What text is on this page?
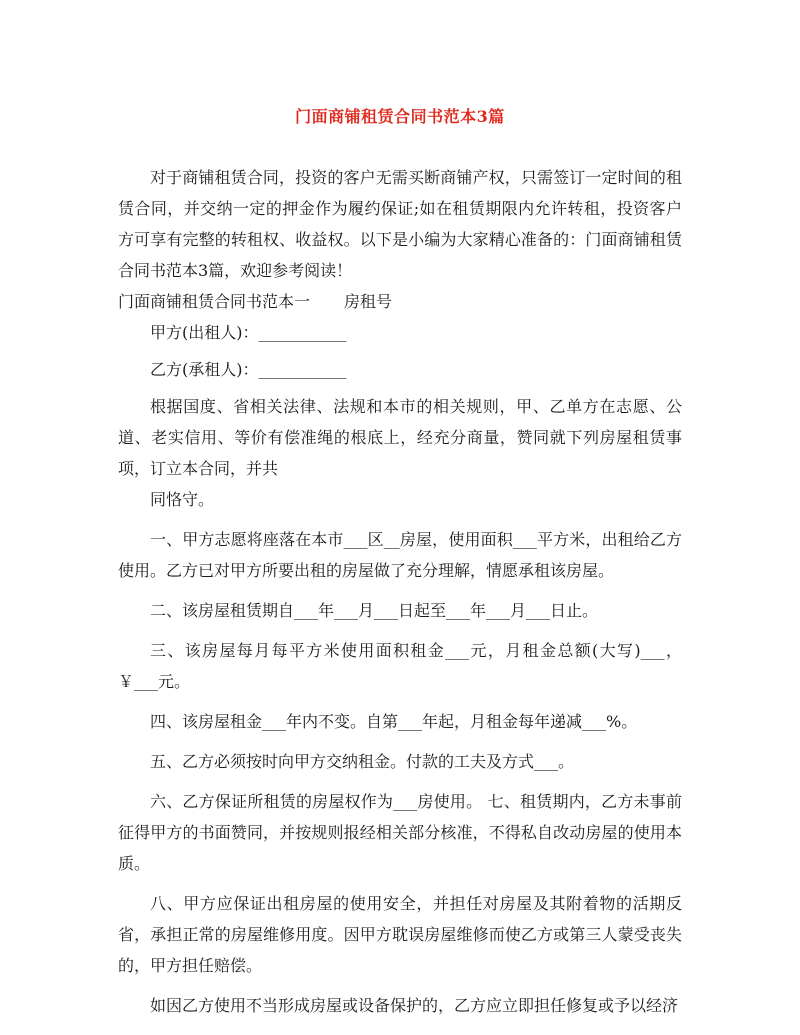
门面商铺租赁合同书范本3篇

对于商铺租赁合同，投资的客户无需买断商铺产权，只需签订一定时间的租赁合同，并交纳一定的押金作为履约保证;如在租赁期限内允许转租，投资客户方可享有完整的转租权、收益权。以下是小编为大家精心准备的：门面商铺租赁合同书范本3篇，欢迎参考阅读！

门面商铺租赁合同书范本一 房租号

甲方(出租人)：___________

乙方(承租人)：___________

根据国度、省相关法律、法规和本市的相关规则，甲、乙单方在志愿、公道、老实信用、等价有偿准绳的根底上，经充分商量，赞同就下列房屋租赁事项，订立本合同，并共

同恪守。

一、甲方志愿将座落在本市___区__房屋，使用面积___平方米，出租给乙方使用。乙方已对甲方所要出租的房屋做了充分理解，情愿承租该房屋。

二、该房屋租赁期自___年___月___日起至___年___月___日止。

三、该房屋每月每平方米使用面积租金___元，月租金总额(大写)___，￥___元。

四、该房屋租金___年内不变。自第___年起，月租金每年递减___%。

五、乙方必须按时向甲方交纳租金。付款的工夫及方式___。

六、乙方保证所租赁的房屋权作为___房使用。 七、租赁期内，乙方未事前征得甲方的书面赞同，并按规则报经相关部分核准，不得私自改动房屋的使用本质。

八、甲方应保证出租房屋的使用安全，并担任对房屋及其附着物的活期反省，承担正常的房屋维修用度。因甲方耽误房屋维修而使乙方或第三人蒙受丧失的，甲方担任赔偿。

如因乙方使用不当形成房屋或设备保护的，乙方应立即担任修复或予以经济
